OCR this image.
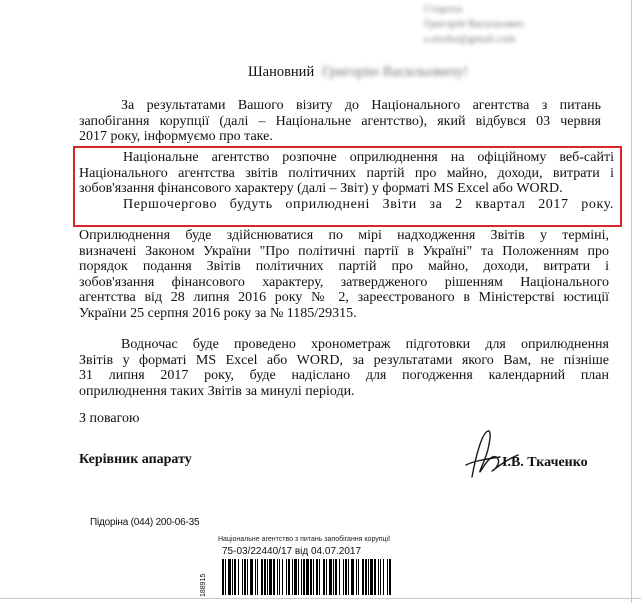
Староха
Григорій Васильович
s.stroho@gmail.com
Шановний Григорію Васильовичу!
За результатами Вашого візиту до Національного агентства з питань
запобігання корупції (далі – Національне агентство), який відбувся 03 червня
2017 року, інформуємо про таке.
Національне агентство розпочне оприлюднення на офіційному веб-сайті
Національного агентства звітів політичних партій про майно, доходи, витрати і
зобов'язання фінансового характеру (далі – Звіт) у форматі MS Excel або WORD.
Першочергово будуть оприлюднені Звіти за 2 квартал 2017 року.
Оприлюднення буде здійснюватися по мірі надходження Звітів у терміні,
визначені Законом України "Про політичні партії в Україні" та Положенням про
порядок подання Звітів політичних партій про майно, доходи, витрати і
зобов'язання фінансового характеру, затвердженого рішенням Національного
агентства від 28 липня 2016 року № 2, зареєстрованого в Міністерстві юстиції
України 25 серпня 2016 року за № 1185/29315.
Водночас буде проведено хронометраж підготовки для оприлюднення
Звітів у форматі MS Excel або WORD, за результатами якого Вам, не пізніше
31 липня 2017 року, буде надіслано для погодження календарний план
оприлюднення таких Звітів за минулі періоди.
З повагою
Керівник апарату	І.В. Ткаченко
Підоріна (044) 200-06-35
Національне агентство з питань запобігання корупції
75-03/22440/17 від 04.07.2017
188915
